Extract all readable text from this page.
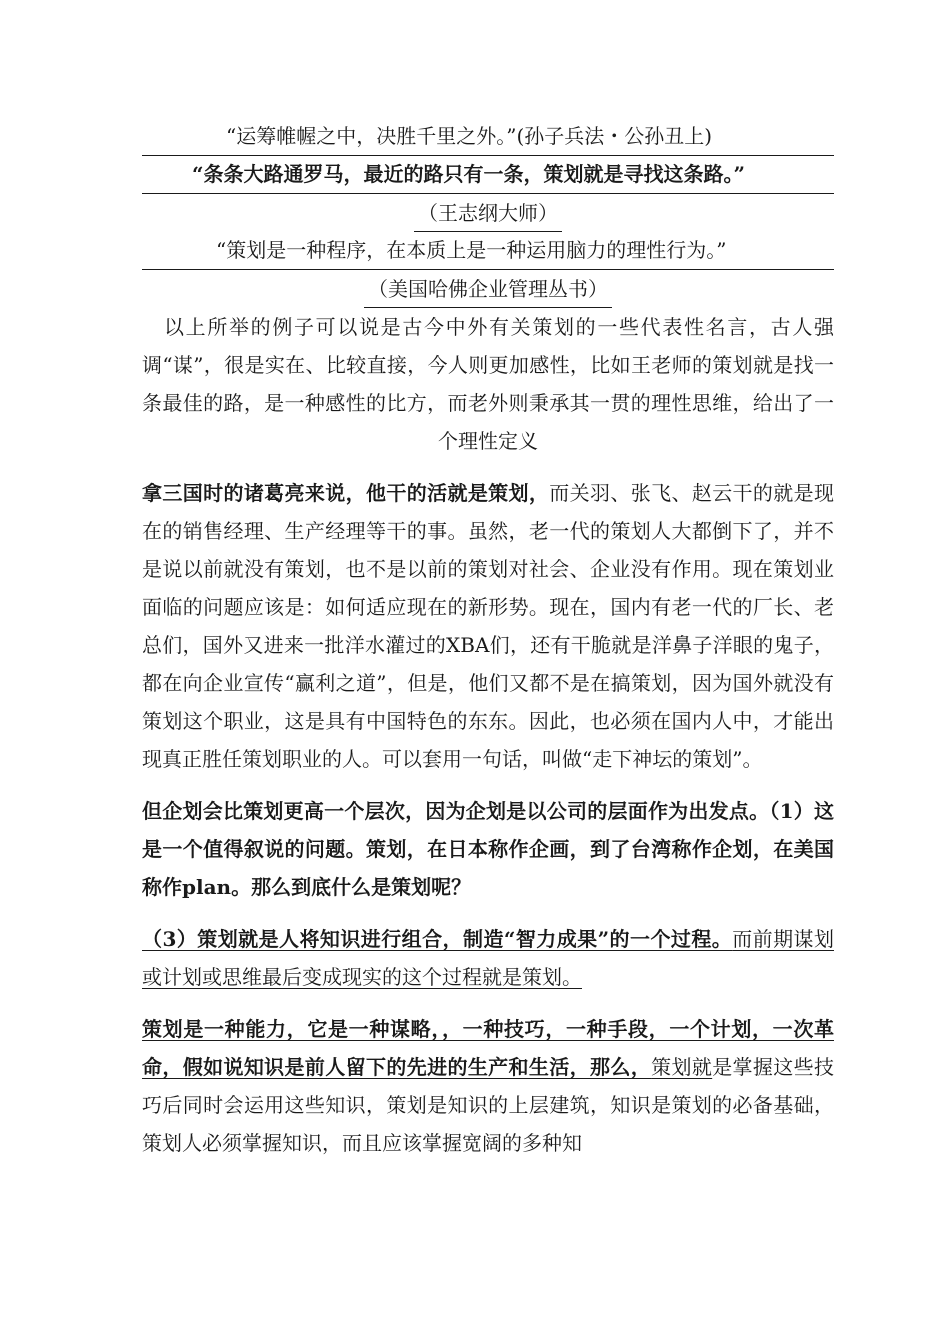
“运筹帷幄之中，决胜千里之外。”(孙子兵法・公孙丑上)
“条条大路通罗马，最近的路只有一条，策划就是寻找这条路。”
（王志纲大师）
“策划是一种程序，在本质上是一种运用脑力的理性行为。”
（美国哈佛企业管理丛书）

以上所举的例子可以说是古今中外有关策划的一些代表性名言，古人强调“谋”，很是实在、比较直接，今人则更加感性，比如王老师的策划就是找一条最佳的路，是一种感性的比方，而老外则秉承其一贯的理性思维，给出了一个理性定义

拿三国时的诸葛亮来说，他干的活就是策划，而关羽、张飞、赵云干的就是现在的销售经理、生产经理等干的事。虽然，老一代的策划人大都倒下了，并不是说以前就没有策划，也不是以前的策划对社会、企业没有作用。现在策划业面临的问题应该是：如何适应现在的新形势。现在，国内有老一代的厂长、老总们，国外又进来一批洋水灌过的XBA们，还有干脆就是洋鼻子洋眼的鬼子，都在向企业宣传“赢利之道”，但是，他们又都不是在搞策划，因为国外就没有策划这个职业，这是具有中国特色的东东。因此，也必须在国内人中，才能出现真正胜任策划职业的人。可以套用一句话，叫做“走下神坛的策划”。

但企划会比策划更高一个层次，因为企划是以公司的层面作为出发点。（1）这是一个值得叙说的问题。策划，在日本称作企画，到了台湾称作企划，在美国称作plan。那么到底什么是策划呢？

（3）策划就是人将知识进行组合，制造“智力成果”的一个过程。而前期谋划或计划或思维最后变成现实的这个过程就是策划。

策划是一种能力，它是一种谋略，，一种技巧，一种手段，一个计划，一次革命，假如说知识是前人留下的先进的生产和生活，那么，策划就是掌握这些技巧后同时会运用这些知识，策划是知识的上层建筑，知识是策划的必备基础，策划人必须掌握知识，而且应该掌握宽阔的多种知
